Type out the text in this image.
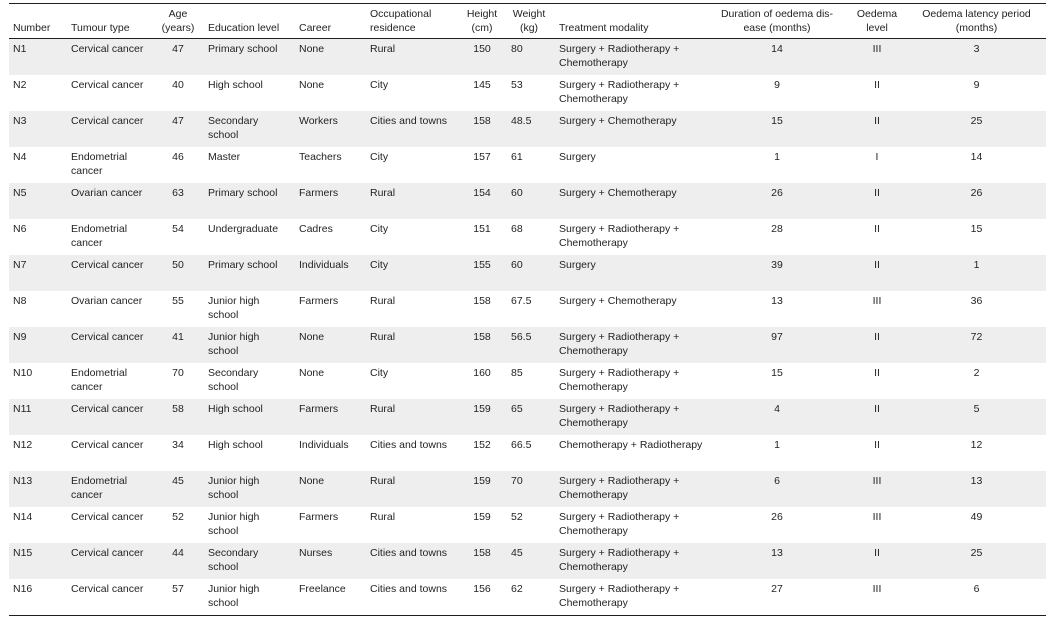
Number	Tumour type	Age (years)	Education level	Career	Occupational residence	Height (cm)	Weight (kg)	Treatment modality	Duration of oedema dis-ease (months)	Oedema level	Oedema latency period (months)
N1	Cervical cancer	47	Primary school	None	Rural	150	80	Surgery + Radiotherapy + Chemotherapy	14	III	3
N2	Cervical cancer	40	High school	None	City	145	53	Surgery + Radiotherapy + Chemotherapy	9	II	9
N3	Cervical cancer	47	Secondary school	Workers	Cities and towns	158	48.5	Surgery + Chemotherapy	15	II	25
N4	Endometrial cancer	46	Master	Teachers	City	157	61	Surgery	1	I	14
N5	Ovarian cancer	63	Primary school	Farmers	Rural	154	60	Surgery + Chemotherapy	26	II	26
N6	Endometrial cancer	54	Undergraduate	Cadres	City	151	68	Surgery + Radiotherapy + Chemotherapy	28	II	15
N7	Cervical cancer	50	Primary school	Individuals	City	155	60	Surgery	39	II	1
N8	Ovarian cancer	55	Junior high school	Farmers	Rural	158	67.5	Surgery + Chemotherapy	13	III	36
N9	Cervical cancer	41	Junior high school	None	Rural	158	56.5	Surgery + Radiotherapy + Chemotherapy	97	II	72
N10	Endometrial cancer	70	Secondary school	None	City	160	85	Surgery + Radiotherapy + Chemotherapy	15	II	2
N11	Cervical cancer	58	High school	Farmers	Rural	159	65	Surgery + Radiotherapy + Chemotherapy	4	II	5
N12	Cervical cancer	34	High school	Individuals	Cities and towns	152	66.5	Chemotherapy + Radiotherapy	1	II	12
N13	Endometrial cancer	45	Junior high school	None	Rural	159	70	Surgery + Radiotherapy + Chemotherapy	6	III	13
N14	Cervical cancer	52	Junior high school	Farmers	Rural	159	52	Surgery + Radiotherapy + Chemotherapy	26	III	49
N15	Cervical cancer	44	Secondary school	Nurses	Cities and towns	158	45	Surgery + Radiotherapy + Chemotherapy	13	II	25
N16	Cervical cancer	57	Junior high school	Freelance	Cities and towns	156	62	Surgery + Radiotherapy + Chemotherapy	27	III	6
